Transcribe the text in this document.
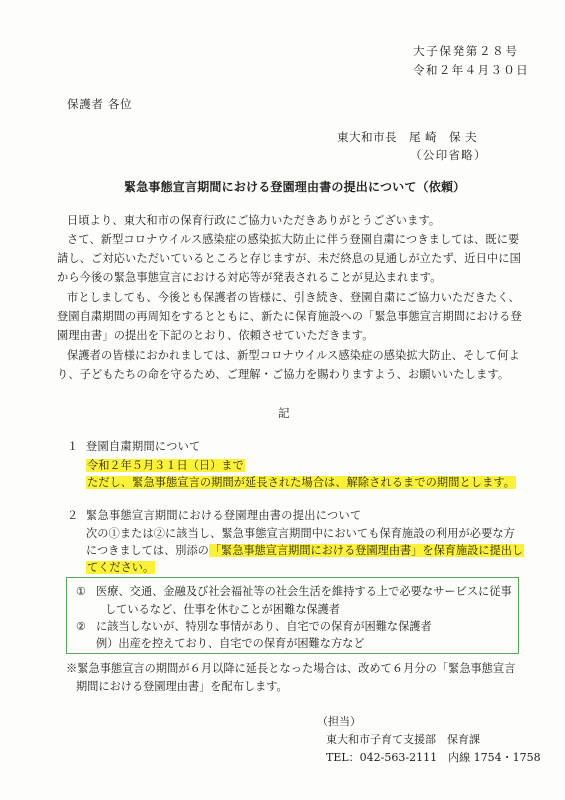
大子保発第２８号
令和２年４月３０日
保護者 各位
東大和市長　尾 崎　保 夫
（公印省略）
緊急事態宣言期間における登園理由書の提出について（依頼）
日頃より、東大和市の保育行政にご協力いただきありがとうございます。
さて、新型コロナウイルス感染症の感染拡大防止に伴う登園自粛につきましては、既に要
請し、ご対応いただいているところと存じますが、未だ終息の見通しが立たず、近日中に国
から今後の緊急事態宣言における対応等が発表されることが見込まれます。
市としましても、今後とも保護者の皆様に、引き続き、登園自粛にご協力いただきたく、
登園自粛期間の再周知をするとともに、新たに保育施設への「緊急事態宣言期間における登
園理由書」の提出を下記のとおり、依頼させていただきます。
保護者の皆様におかれましては、新型コロナウイルス感染症の感染拡大防止、そして何よ
り、子どもたちの命を守るため、ご理解・ご協力を賜わりますよう、お願いいたします。
記
１ 登園自粛期間について
令和２年５月３１日（日）まで
ただし、緊急事態宣言の期間が延長された場合は、解除されるまでの期間とします。
２ 緊急事態宣言期間における登園理由書の提出について
次の①または②に該当し、緊急事態宣言期間中においても保育施設の利用が必要な方
につきましては、別添の「緊急事態宣言期間における登園理由書」を保育施設に提出し
てください。
① 医療、交通、金融及び社会福祉等の社会生活を維持する上で必要なサービスに従事
しているなど、仕事を休むことが困難な保護者
② に該当しないが、特別な事情があり、自宅での保育が困難な保護者
例）出産を控えており、自宅での保育が困難な方など
※緊急事態宣言の期間が６月以降に延長となった場合は、改めて６月分の「緊急事態宣言
期間における登園理由書」を配布します。
（担当）
東大和市子育て支援部　保育課
TEL：042-563-2111　内線 1754・1758
